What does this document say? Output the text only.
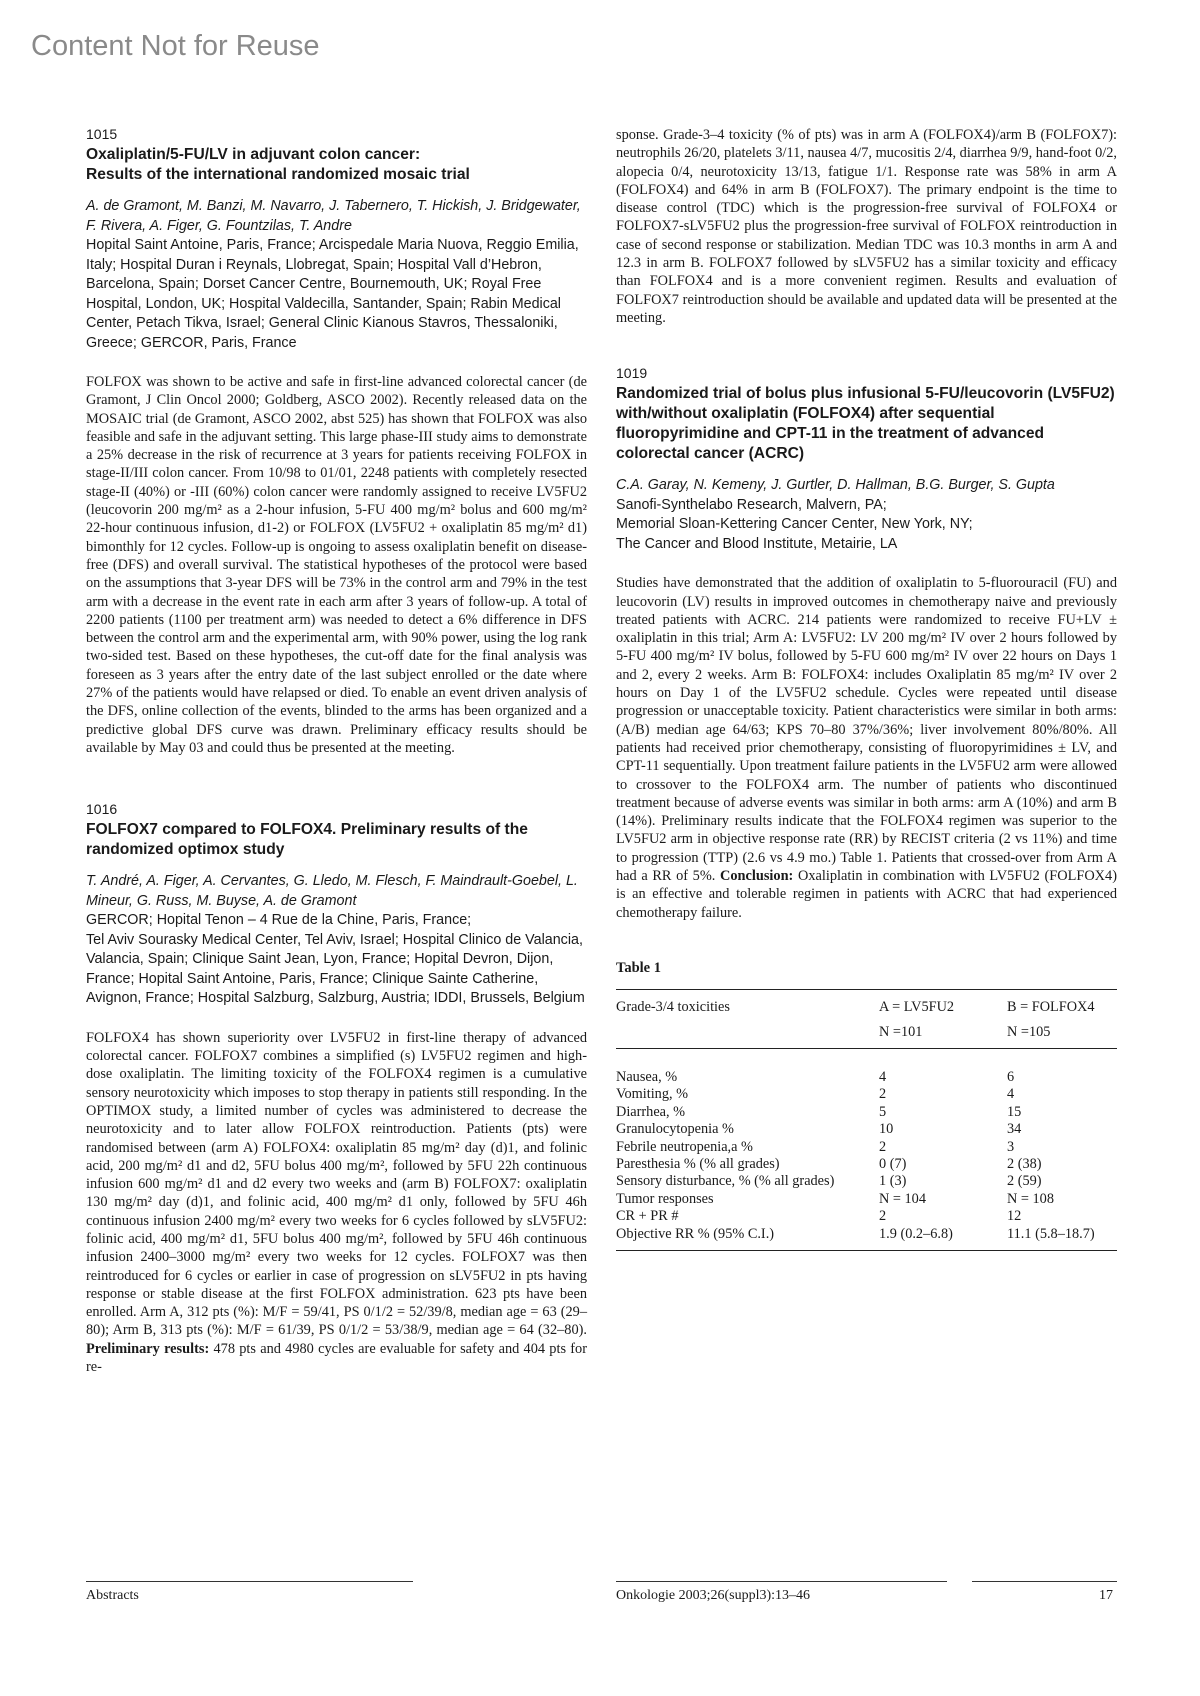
Content Not for Reuse

1015

Oxaliplatin/5-FU/LV in adjuvant colon cancer:
Results of the international randomized mosaic trial

A. de Gramont, M. Banzi, M. Navarro, J. Tabernero, T. Hickish, J. Bridgewater, F. Rivera, A. Figer, G. Fountzilas, T. Andre

Hopital Saint Antoine, Paris, France; Arcispedale Maria Nuova, Reggio Emilia, Italy; Hospital Duran i Reynals, Llobregat, Spain; Hospital Vall d’Hebron, Barcelona, Spain; Dorset Cancer Centre, Bournemouth, UK; Royal Free Hospital, London, UK; Hospital Valdecilla, Santander, Spain; Rabin Medical Center, Petach Tikva, Israel; General Clinic Kianous Stavros, Thessaloniki, Greece; GERCOR, Paris, France

FOLFOX was shown to be active and safe in first-line advanced colorectal cancer (de Gramont, J Clin Oncol 2000; Goldberg, ASCO 2002). Recently released data on the MOSAIC trial (de Gramont, ASCO 2002, abst 525) has shown that FOLFOX was also feasible and safe in the adjuvant setting. This large phase-III study aims to demonstrate a 25% decrease in the risk of recurrence at 3 years for patients receiving FOLFOX in stage-II/III colon cancer. From 10/98 to 01/01, 2248 patients with completely resected stage-II (40%) or -III (60%) colon cancer were randomly assigned to receive LV5FU2 (leucovorin 200 mg/m² as a 2-hour infusion, 5-FU 400 mg/m² bolus and 600 mg/m² 22-hour continuous infusion, d1-2) or FOLFOX (LV5FU2 + oxaliplatin 85 mg/m² d1) bimonthly for 12 cycles. Follow-up is ongoing to assess oxaliplatin benefit on disease-free (DFS) and overall survival. The statistical hypotheses of the protocol were based on the assumptions that 3-year DFS will be 73% in the control arm and 79% in the test arm with a decrease in the event rate in each arm after 3 years of follow-up. A total of 2200 patients (1100 per treatment arm) was needed to detect a 6% difference in DFS between the control arm and the experimental arm, with 90% power, using the log rank two-sided test. Based on these hypotheses, the cut-off date for the final analysis was foreseen as 3 years after the entry date of the last subject enrolled or the date where 27% of the patients would have relapsed or died. To enable an event driven analysis of the DFS, online collection of the events, blinded to the arms has been organized and a predictive global DFS curve was drawn. Preliminary efficacy results should be available by May 03 and could thus be presented at the meeting.

1016

FOLFOX7 compared to FOLFOX4. Preliminary results of the randomized optimox study

T. André, A. Figer, A. Cervantes, G. Lledo, M. Flesch, F. Maindrault-Goebel, L. Mineur, G. Russ, M. Buyse, A. de Gramont

GERCOR; Hopital Tenon – 4 Rue de la Chine, Paris, France;
Tel Aviv Sourasky Medical Center, Tel Aviv, Israel; Hospital Clinico de Valancia, Valancia, Spain; Clinique Saint Jean, Lyon, France; Hopital Devron, Dijon, France; Hopital Saint Antoine, Paris, France; Clinique Sainte Catherine, Avignon, France; Hospital Salzburg, Salzburg, Austria; IDDI, Brussels, Belgium

FOLFOX4 has shown superiority over LV5FU2 in first-line therapy of advanced colorectal cancer. FOLFOX7 combines a simplified (s) LV5FU2 regimen and high-dose oxaliplatin. The limiting toxicity of the FOLFOX4 regimen is a cumulative sensory neurotoxicity which imposes to stop therapy in patients still responding. In the OPTIMOX study, a limited number of cycles was administered to decrease the neurotoxicity and to later allow FOLFOX reintroduction. Patients (pts) were randomised between (arm A) FOLFOX4: oxaliplatin 85 mg/m² day (d)1, and folinic acid, 200 mg/m² d1 and d2, 5FU bolus 400 mg/m², followed by 5FU 22h continuous infusion 600 mg/m² d1 and d2 every two weeks and (arm B) FOLFOX7: oxaliplatin 130 mg/m² day (d)1, and folinic acid, 400 mg/m² d1 only, followed by 5FU 46h continuous infusion 2400 mg/m² every two weeks for 6 cycles followed by sLV5FU2: folinic acid, 400 mg/m² d1, 5FU bolus 400 mg/m², followed by 5FU 46h continuous infusion 2400–3000 mg/m² every two weeks for 12 cycles. FOLFOX7 was then reintroduced for 6 cycles or earlier in case of progression on sLV5FU2 in pts having response or stable disease at the first FOLFOX administration. 623 pts have been enrolled. Arm A, 312 pts (%): M/F = 59/41, PS 0/1/2 = 52/39/8, median age = 63 (29–80); Arm B, 313 pts (%): M/F = 61/39, PS 0/1/2 = 53/38/9, median age = 64 (32–80). Preliminary results: 478 pts and 4980 cycles are evaluable for safety and 404 pts for re-

sponse. Grade-3–4 toxicity (% of pts) was in arm A (FOLFOX4)/arm B (FOLFOX7): neutrophils 26/20, platelets 3/11, nausea 4/7, mucositis 2/4, diarrhea 9/9, hand-foot 0/2, alopecia 0/4, neurotoxicity 13/13, fatigue 1/1. Response rate was 58% in arm A (FOLFOX4) and 64% in arm B (FOLFOX7). The primary endpoint is the time to disease control (TDC) which is the progression-free survival of FOLFOX4 or FOLFOX7-sLV5FU2 plus the progression-free survival of FOLFOX reintroduction in case of second response or stabilization. Median TDC was 10.3 months in arm A and 12.3 in arm B. FOLFOX7 followed by sLV5FU2 has a similar toxicity and efficacy than FOLFOX4 and is a more convenient regimen. Results and evaluation of FOLFOX7 reintroduction should be available and updated data will be presented at the meeting.

1019

Randomized trial of bolus plus infusional 5-FU/leucovorin (LV5FU2) with/without oxaliplatin (FOLFOX4) after sequential fluoropyrimidine and CPT-11 in the treatment of advanced colorectal cancer (ACRC)

C.A. Garay, N. Kemeny, J. Gurtler, D. Hallman, B.G. Burger, S. Gupta

Sanofi-Synthelabo Research, Malvern, PA;
Memorial Sloan-Kettering Cancer Center, New York, NY;
The Cancer and Blood Institute, Metairie, LA

Studies have demonstrated that the addition of oxaliplatin to 5-fluorouracil (FU) and leucovorin (LV) results in improved outcomes in chemotherapy naive and previously treated patients with ACRC. 214 patients were randomized to receive FU+LV ± oxaliplatin in this trial; Arm A: LV5FU2: LV 200 mg/m² IV over 2 hours followed by 5-FU 400 mg/m² IV bolus, followed by 5-FU 600 mg/m² IV over 22 hours on Days 1 and 2, every 2 weeks. Arm B: FOLFOX4: includes Oxaliplatin 85 mg/m² IV over 2 hours on Day 1 of the LV5FU2 schedule. Cycles were repeated until disease progression or unacceptable toxicity. Patient characteristics were similar in both arms: (A/B) median age 64/63; KPS 70–80 37%/36%; liver involvement 80%/80%. All patients had received prior chemotherapy, consisting of fluoropyrimidines ± LV, and CPT-11 sequentially. Upon treatment failure patients in the LV5FU2 arm were allowed to crossover to the FOLFOX4 arm. The number of patients who discontinued treatment because of adverse events was similar in both arms: arm A (10%) and arm B (14%). Preliminary results indicate that the FOLFOX4 regimen was superior to the LV5FU2 arm in objective response rate (RR) by RECIST criteria (2 vs 11%) and time to progression (TTP) (2.6 vs 4.9 mo.) Table 1. Patients that crossed-over from Arm A had a RR of 5%. Conclusion: Oxaliplatin in combination with LV5FU2 (FOLFOX4) is an effective and tolerable regimen in patients with ACRC that had experienced chemotherapy failure.

Table 1

Grade-3/4 toxicities	A = LV5FU2	B = FOLFOX4
	N =101	N =105
Nausea, %	4	6
Vomiting, %	2	4
Diarrhea, %	5	15
Granulocytopenia %	10	34
Febrile neutropenia,a %	2	3
Paresthesia % (% all grades)	0 (7)	2 (38)
Sensory disturbance, % (% all grades)	1 (3)	2 (59)
Tumor responses	N = 104	N = 108
CR + PR #	2	12
Objective RR % (95% C.I.)	1.9 (0.2–6.8)	11.1 (5.8–18.7)
Abstracts	Onkologie 2003;26(suppl3):13–46	17
